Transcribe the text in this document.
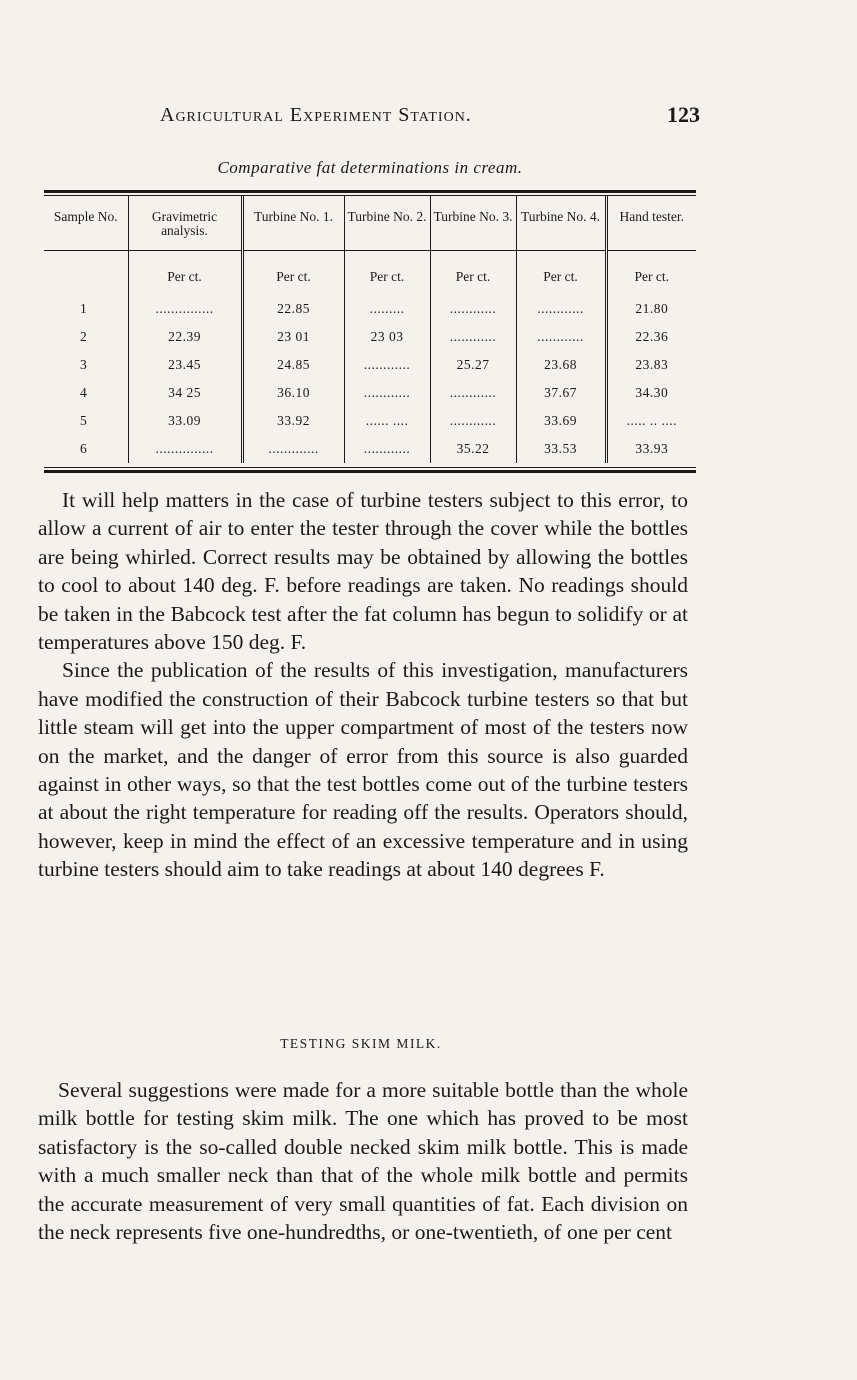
Agricultural Experiment Station.	123
Comparative fat determinations in cream.
Sample No.	Gravimetric analysis.	Turbine No. 1.	Turbine No. 2.	Turbine No. 3.	Turbine No. 4.	Hand tester.
	Per ct.	Per ct.	Per ct.	Per ct.	Per ct.	Per ct.
1	...............	22.85	.........	............	............	21.80
2	22.39	23 01	23 03	............	............	22.36
3	23.45	24.85	............	25.27	23.68	23.83
4	34 25	36.10	............	............	37.67	34.30
5	33.09	33.92	...... ....	............	33.69	..... .. ....
6	...............	.............	............	35.22	33.53	33.93

It will help matters in the case of turbine testers subject to this error, to allow a current of air to enter the tester through the cover while the bottles are being whirled. Correct results may be obtained by allowing the bottles to cool to about 140 deg. F. before readings are taken. No readings should be taken in the Babcock test after the fat column has begun to solidify or at temperatures above 150 deg. F.

Since the publication of the results of this investigation, manufacturers have modified the construction of their Babcock turbine testers so that but little steam will get into the upper compartment of most of the testers now on the market, and the danger of error from this source is also guarded against in other ways, so that the test bottles come out of the turbine testers at about the right temperature for reading off the results. Operators should, however, keep in mind the effect of an excessive temperature and in using turbine testers should aim to take readings at about 140 degrees F.

TESTING SKIM MILK.

Several suggestions were made for a more suitable bottle than the whole milk bottle for testing skim milk. The one which has proved to be most satisfactory is the so-called double necked skim milk bottle. This is made with a much smaller neck than that of the whole milk bottle and permits the accurate measurement of very small quantities of fat. Each division on the neck represents five one-hundredths, or one-twentieth, of one per cent
